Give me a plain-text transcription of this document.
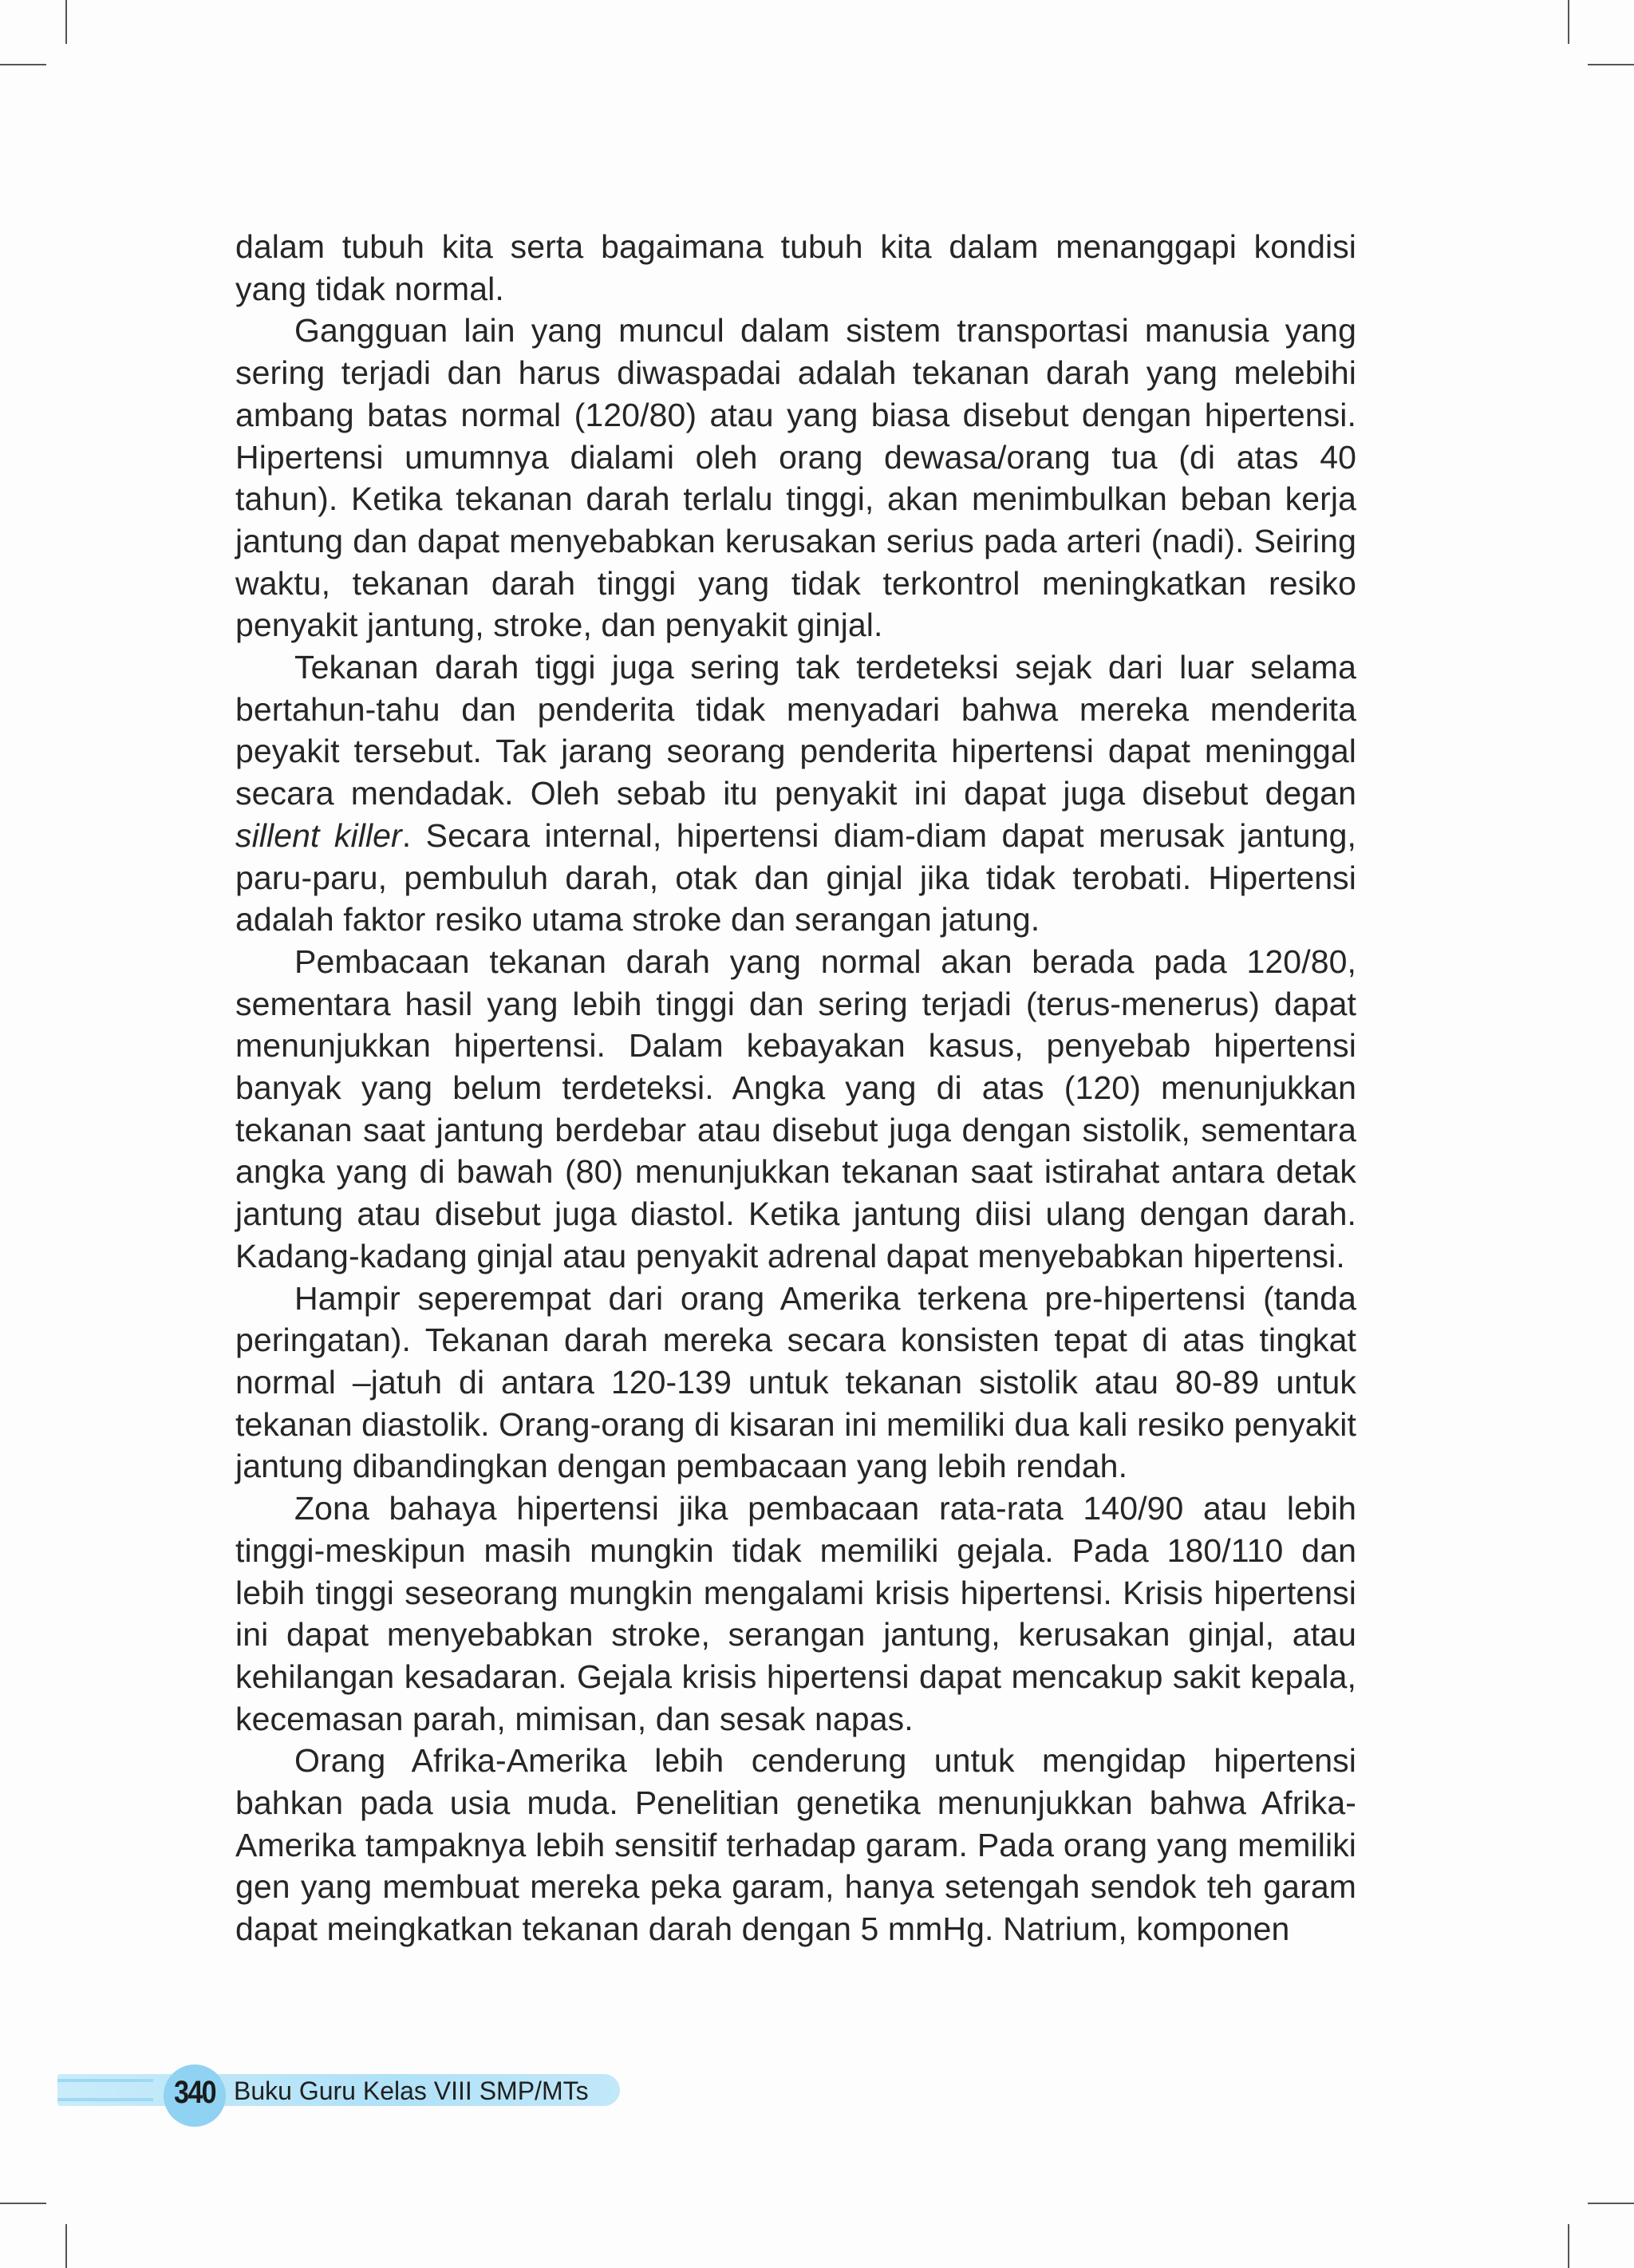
dalam tubuh kita serta bagaimana tubuh kita dalam menanggapi kondisi yang tidak normal.

Gangguan lain yang muncul dalam sistem transportasi manusia yang sering terjadi dan harus diwaspadai adalah tekanan darah yang melebihi ambang batas normal (120/80) atau yang biasa disebut dengan hipertensi. Hipertensi umumnya dialami oleh orang dewasa/orang tua (di atas 40 tahun). Ketika tekanan darah terlalu tinggi, akan menimbulkan beban kerja jantung dan dapat menyebabkan kerusakan serius pada arteri (nadi). Seiring waktu, tekanan darah tinggi yang tidak terkontrol meningkatkan resiko penyakit jantung, stroke, dan penyakit ginjal.

Tekanan darah tiggi juga sering tak terdeteksi sejak dari luar selama bertahun-tahu dan penderita tidak menyadari bahwa mereka menderita peyakit tersebut. Tak jarang seorang penderita hipertensi dapat meninggal secara mendadak. Oleh sebab itu penyakit ini dapat juga disebut degan sillent killer. Secara internal, hipertensi diam-diam dapat merusak jantung, paru-paru, pembuluh darah, otak dan ginjal jika tidak terobati. Hipertensi adalah faktor resiko utama stroke dan serangan jatung.

Pembacaan tekanan darah yang normal akan berada pada 120/80, sementara hasil yang lebih tinggi dan sering terjadi (terus-menerus) dapat menunjukkan hipertensi. Dalam kebayakan kasus, penyebab hipertensi banyak yang belum terdeteksi. Angka yang di atas (120) menunjukkan tekanan saat jantung berdebar atau disebut juga dengan sistolik, sementara angka yang di bawah (80) menunjukkan tekanan saat istirahat antara detak jantung atau disebut juga diastol. Ketika jantung diisi ulang dengan darah. Kadang-kadang ginjal atau penyakit adrenal dapat menyebabkan hipertensi.

Hampir seperempat dari orang Amerika terkena pre-hipertensi (tanda peringatan). Tekanan darah mereka secara konsisten tepat di atas tingkat normal –jatuh di antara 120-139 untuk tekanan sistolik atau 80-89 untuk tekanan diastolik. Orang-orang di kisaran ini memiliki dua kali resiko penyakit jantung dibandingkan dengan pembacaan yang lebih rendah.

Zona bahaya hipertensi jika pembacaan rata-rata 140/90 atau lebih tinggi-meskipun masih mungkin tidak memiliki gejala. Pada 180/110 dan lebih tinggi seseorang mungkin mengalami krisis hipertensi. Krisis hipertensi ini dapat menyebabkan stroke, serangan jantung, kerusakan ginjal, atau kehilangan kesadaran. Gejala krisis hipertensi dapat mencakup sakit kepala, kecemasan parah, mimisan, dan sesak napas.

Orang Afrika-Amerika lebih cenderung untuk mengidap hipertensi bahkan pada usia muda. Penelitian genetika menunjukkan bahwa Afrika-Amerika tampaknya lebih sensitif terhadap garam. Pada orang yang memiliki gen yang membuat mereka peka garam, hanya setengah sendok teh garam dapat meingkatkan tekanan darah dengan 5 mmHg. Natrium, komponen

340 Buku Guru Kelas VIII SMP/MTs
